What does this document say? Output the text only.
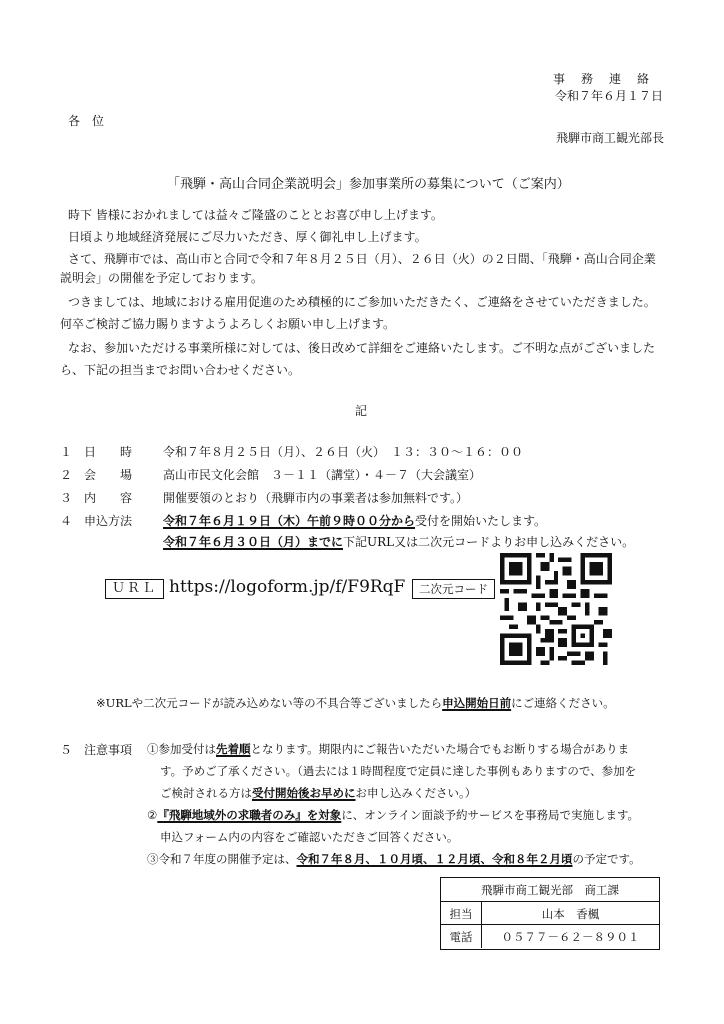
事　務　連　絡
令和７年６月１７日
各　位
飛騨市商工観光部長
「飛騨・高山合同企業説明会」参加事業所の募集について（ご案内）
時下 皆様におかれましては益々ご隆盛のこととお喜び申し上げます。
日頃より地域経済発展にご尽力いただき、厚く御礼申し上げます。
さて、飛騨市では、高山市と合同で令和７年８月２５日（月）、２６日（火）の２日間、「飛騨・高山合同企業
説明会」の開催を予定しております。
つきましては、地域における雇用促進のため積極的にご参加いただきたく、ご連絡をさせていただきました。
何卒ご検討ご協力賜りますようよろしくお願い申し上げます。
なお、参加いただける事業所様に対しては、後日改めて詳細をご連絡いたします。ご不明な点がございました
ら、下記の担当までお問い合わせください。
記
１　日　　時	令和７年８月２５日（月）、２６日（火）　１３：３０～１６：００
２　会　　場	高山市民文化会館　３－１１（講堂）・４－７（大会議室）
３　内　　容	開催要領のとおり（飛騨市内の事業者は参加無料です。）
４　申込方法	令和７年６月１９日（木）午前９時００分から受付を開始いたします。
令和７年６月３０日（月）までに下記URL又は二次元コードよりお申し込みください。
ＵＲＬ https://logoform.jp/f/F9RqF	二次元コード
※URLや二次元コードが読み込めない等の不具合等ございましたら申込開始日前にご連絡ください。
５　注意事項 ①参加受付は先着順となります。期限内にご報告いただいた場合でもお断りする場合がありま
す。予めご了承ください。（過去には１時間程度で定員に達した事例もありますので、参加を
ご検討される方は受付開始後お早めにお申し込みください。）
②『飛騨地域外の求職者のみ』を対象に、オンライン面談予約サービスを事務局で実施します。
申込フォーム内の内容をご確認いただきご回答ください。
③令和７年度の開催予定は、令和７年８月、１０月頃、１２月頃、令和８年２月頃の予定です。
飛騨市商工観光部　商工課
担当	山本　香楓
電話	０５７７－６２－８９０１
